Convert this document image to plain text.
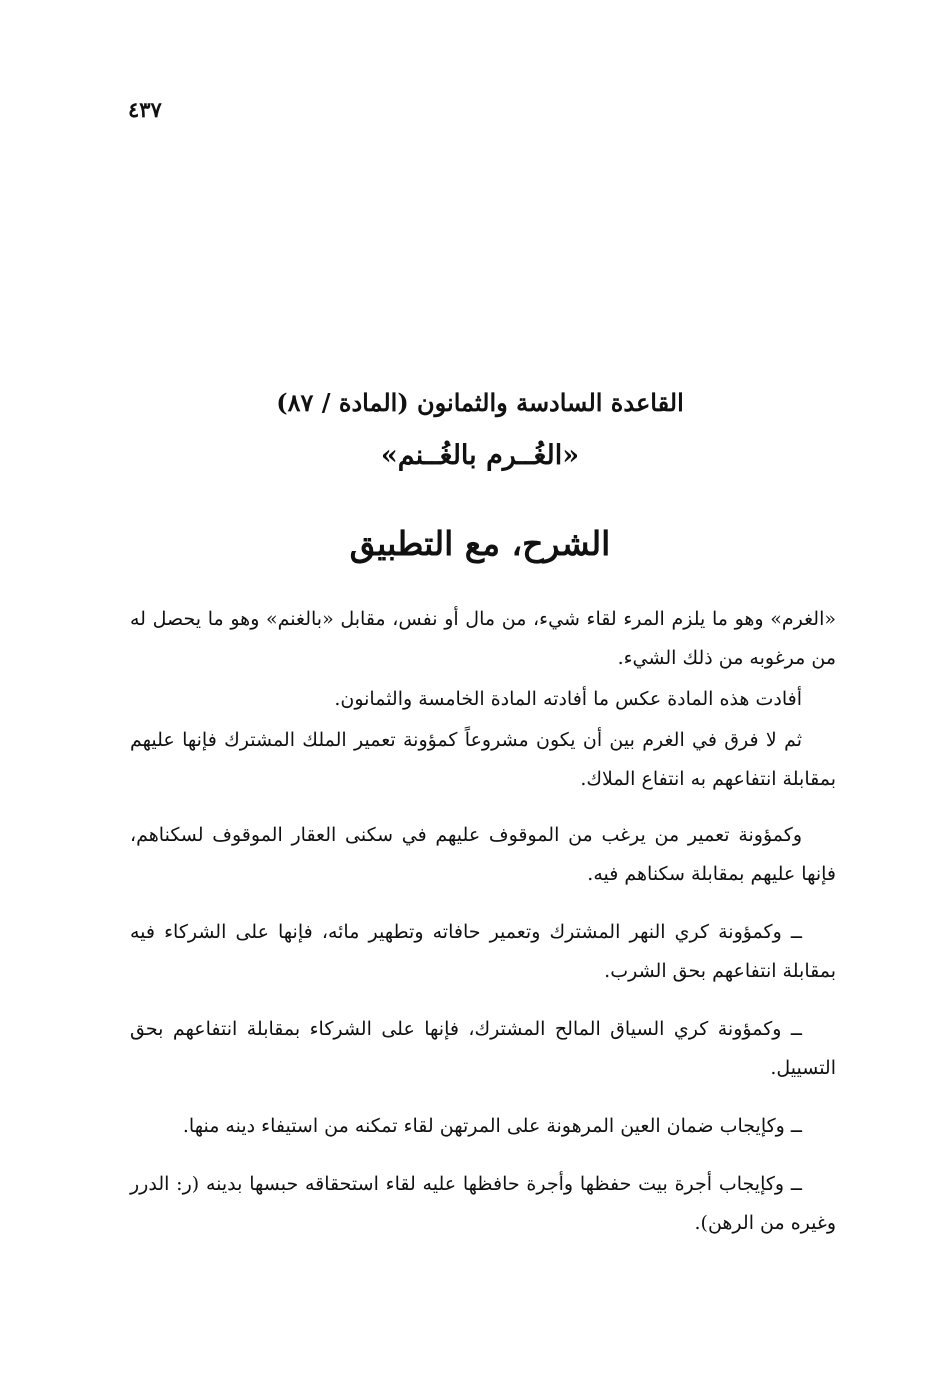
٤٣٧
القاعدة السادسة والثمانون (المادة / ٨٧)
«الغُــرم بالغُــنم»
الشرح، مع التطبيق

«الغرم» وهو ما يلزم المرء لقاء شيء، من مال أو نفس، مقابل «بالغنم» وهو ما يحصل له من مرغوبه من ذلك الشيء.

أفادت هذه المادة عكس ما أفادته المادة الخامسة والثمانون.

ثم لا فرق في الغرم بين أن يكون مشروعاً كمؤونة تعمير الملك المشترك فإنها عليهم بمقابلة انتفاعهم به انتفاع الملاك.

وكمؤونة تعمير من يرغب من الموقوف عليهم في سكنى العقار الموقوف لسكناهم، فإنها عليهم بمقابلة سكناهم فيه.

ــ وكمؤونة كري النهر المشترك وتعمير حافاته وتطهير مائه، فإنها على الشركاء فيه بمقابلة انتفاعهم بحق الشرب.

ــ وكمؤونة كري السياق المالح المشترك، فإنها على الشركاء بمقابلة انتفاعهم بحق التسييل.

ــ وكإيجاب ضمان العين المرهونة على المرتهن لقاء تمكنه من استيفاء دينه منها.

ــ وكإيجاب أجرة بيت حفظها وأجرة حافظها عليه لقاء استحقاقه حبسها بدينه (ر: الدرر وغيره من الرهن).
